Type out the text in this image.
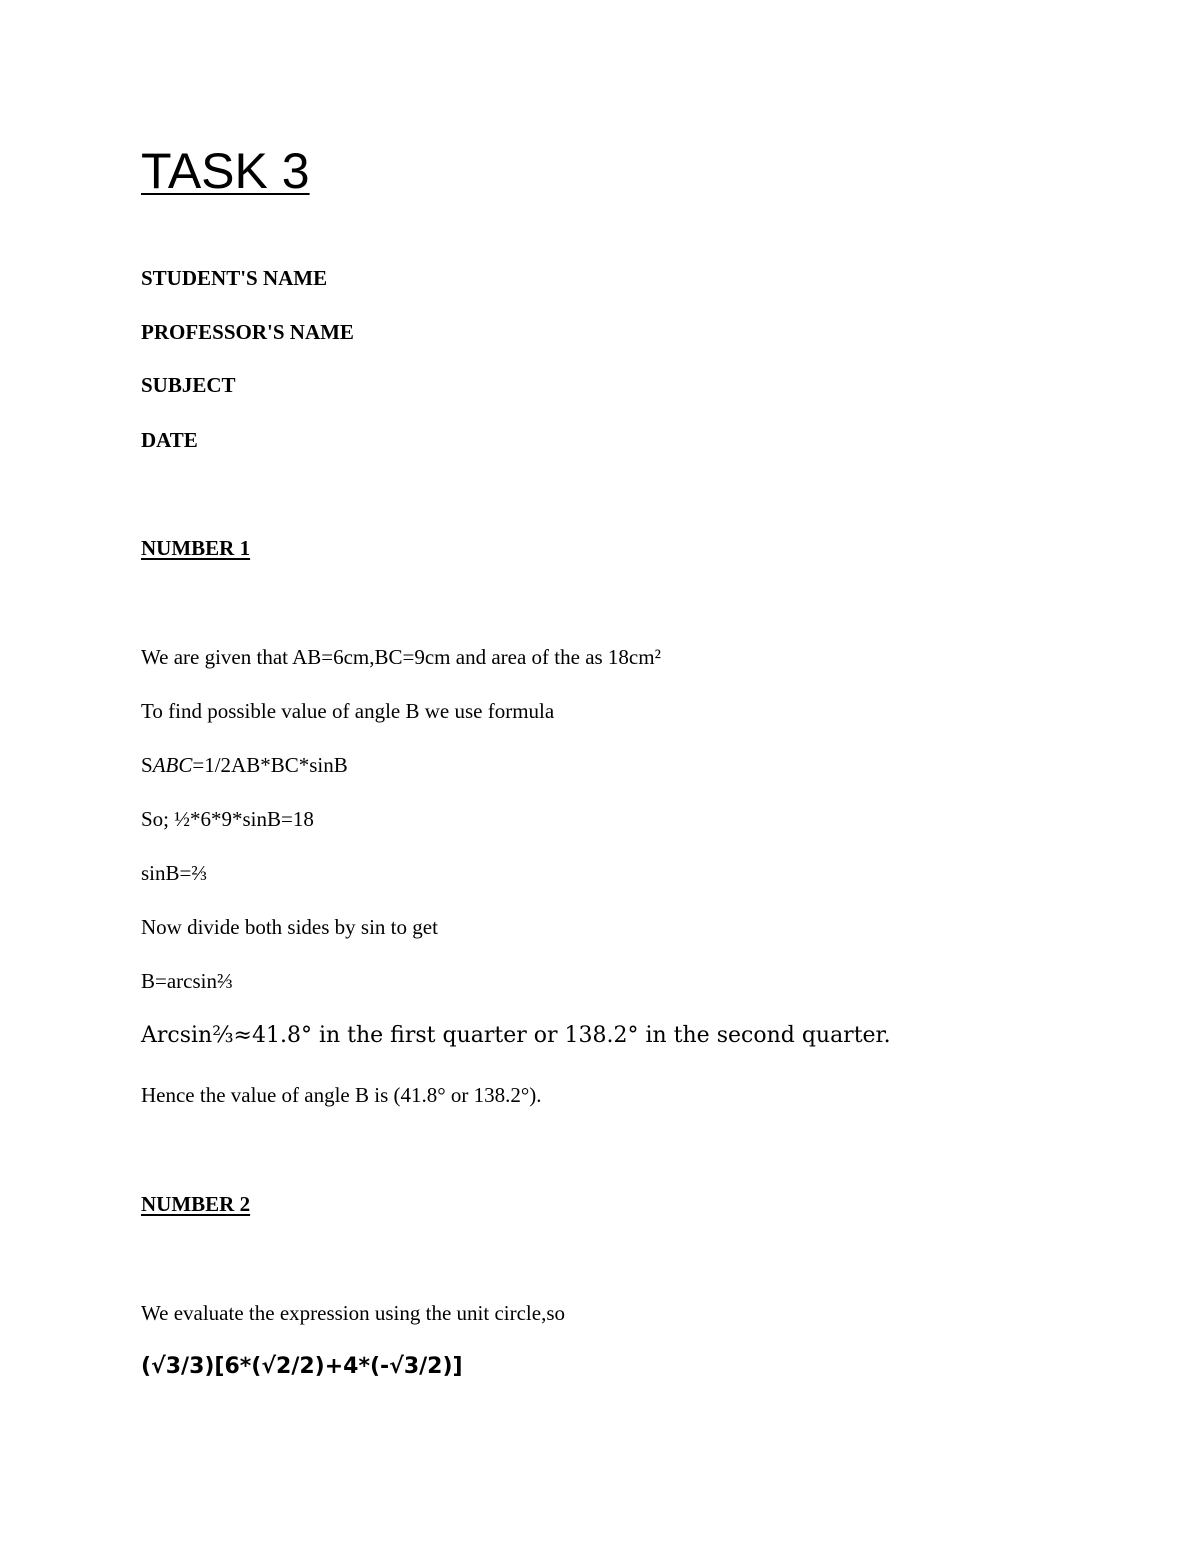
TASK 3
STUDENT'S NAME
PROFESSOR'S NAME
SUBJECT
DATE
NUMBER 1
We are given that AB=6cm,BC=9cm and area of the as 18cm²
To find possible value of angle B we use formula
SABC=1/2AB*BC*sinB
So; ½*6*9*sinB=18
sinB=⅔
Now divide both sides by sin to get
B=arcsin⅔
Arcsin⅔≈41.8° in the first quarter or 138.2° in the second quarter.
Hence the value of angle B is (41.8° or 138.2°).
NUMBER 2
We evaluate the expression using the unit circle,so
(√3/3)[6*(√2/2)+4*(-√3/2)]
